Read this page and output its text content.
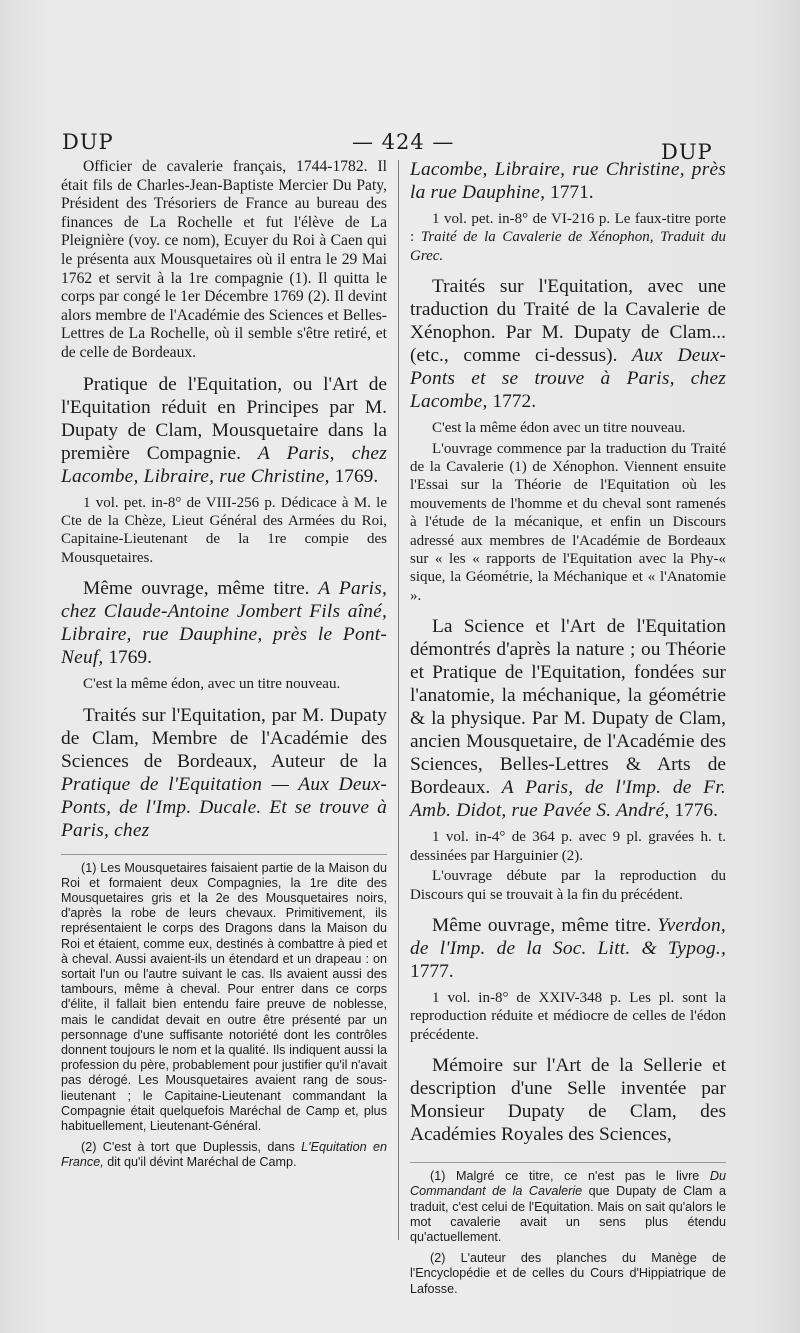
DUP	— 424 —	DUP

Officier de cavalerie français, 1744-1782. Il était fils de Charles-Jean-Baptiste Mercier Du Paty, Président des Trésoriers de France au bureau des finances de La Rochelle et fut l'élève de La Pleignière (voy. ce nom), Ecuyer du Roi à Caen qui le présenta aux Mousquetaires où il entra le 29 Mai 1762 et servit à la 1re compagnie (1). Il quitta le corps par congé le 1er Décembre 1769 (2). Il devint alors membre de l'Académie des Sciences et Belles-Lettres de La Rochelle, où il semble s'être retiré, et de celle de Bordeaux.

Pratique de l'Equitation, ou l'Art de l'Equitation réduit en Principes par M. Dupaty de Clam, Mousquetaire dans la première Compagnie. A Paris, chez Lacombe, Libraire, rue Christine, 1769.

1 vol. pet. in-8° de VIII-256 p. Dédicace à M. le Cte de la Chèze, Lieut Général des Armées du Roi, Capitaine-Lieutenant de la 1re compie des Mousquetaires.

Même ouvrage, même titre. A Paris, chez Claude-Antoine Jombert Fils aîné, Libraire, rue Dauphine, près le Pont-Neuf, 1769.

C'est la même édon, avec un titre nouveau.

Traités sur l'Equitation, par M. Dupaty de Clam, Membre de l'Académie des Sciences de Bordeaux, Auteur de la Pratique de l'Equitation — Aux Deux-Ponts, de l'Imp. Ducale. Et se trouve à Paris, chez

(1) Les Mousquetaires faisaient partie de la Maison du Roi et formaient deux Compagnies, la 1re dite des Mousquetaires gris et la 2e des Mousquetaires noirs, d'après la robe de leurs chevaux. Primitivement, ils représentaient le corps des Dragons dans la Maison du Roi et étaient, comme eux, destinés à combattre à pied et à cheval. Aussi avaient-ils un étendard et un drapeau : on sortait l'un ou l'autre suivant le cas. Ils avaient aussi des tambours, même à cheval. Pour entrer dans ce corps d'élite, il fallait bien entendu faire preuve de noblesse, mais le candidat devait en outre être présenté par un personnage d'une suffisante notoriété dont les contrôles donnent toujours le nom et la qualité. Ils indiquent aussi la profession du père, probablement pour justifier qu'il n'avait pas dérogé. Les Mousquetaires avaient rang de sous-lieutenant ; le Capitaine-Lieutenant commandant la Compagnie était quelquefois Maréchal de Camp et, plus habituellement, Lieutenant-Général.

(2) C'est à tort que Duplessis, dans L'Equitation en France, dit qu'il dévint Maréchal de Camp.

Lacombe, Libraire, rue Christine, près la rue Dauphine, 1771.

1 vol. pet. in-8° de VI-216 p. Le faux-titre porte : Traité de la Cavalerie de Xénophon, Traduit du Grec.

Traités sur l'Equitation, avec une traduction du Traité de la Cavalerie de Xénophon. Par M. Dupaty de Clam... (etc., comme ci-dessus). Aux Deux-Ponts et se trouve à Paris, chez Lacombe, 1772.

C'est la même édon avec un titre nouveau.

L'ouvrage commence par la traduction du Traité de la Cavalerie (1) de Xénophon. Viennent ensuite l'Essai sur la Théorie de l'Equitation où les mouvements de l'homme et du cheval sont ramenés à l'étude de la mécanique, et enfin un Discours adressé aux membres de l'Académie de Bordeaux sur « les « rapports de l'Equitation avec la Phy-« sique, la Géométrie, la Méchanique et « l'Anatomie ».

La Science et l'Art de l'Equitation démontrés d'après la nature ; ou Théorie et Pratique de l'Equitation, fondées sur l'anatomie, la méchanique, la géométrie & la physique. Par M. Dupaty de Clam, ancien Mousquetaire, de l'Académie des Sciences, Belles-Lettres & Arts de Bordeaux. A Paris, de l'Imp. de Fr. Amb. Didot, rue Pavée S. André, 1776.

1 vol. in-4° de 364 p. avec 9 pl. gravées h. t. dessinées par Harguinier (2).

L'ouvrage débute par la reproduction du Discours qui se trouvait à la fin du précédent.

Même ouvrage, même titre. Yverdon, de l'Imp. de la Soc. Litt. & Typog., 1777.

1 vol. in-8° de XXIV-348 p. Les pl. sont la reproduction réduite et médiocre de celles de l'édon précédente.

Mémoire sur l'Art de la Sellerie et description d'une Selle inventée par Monsieur Dupaty de Clam, des Académies Royales des Sciences,

(1) Malgré ce titre, ce n'est pas le livre Du Commandant de la Cavalerie que Dupaty de Clam a traduit, c'est celui de l'Equitation. Mais on sait qu'alors le mot cavalerie avait un sens plus étendu qu'actuellement.

(2) L'auteur des planches du Manège de l'Encyclopédie et de celles du Cours d'Hippiatrique de Lafosse.
